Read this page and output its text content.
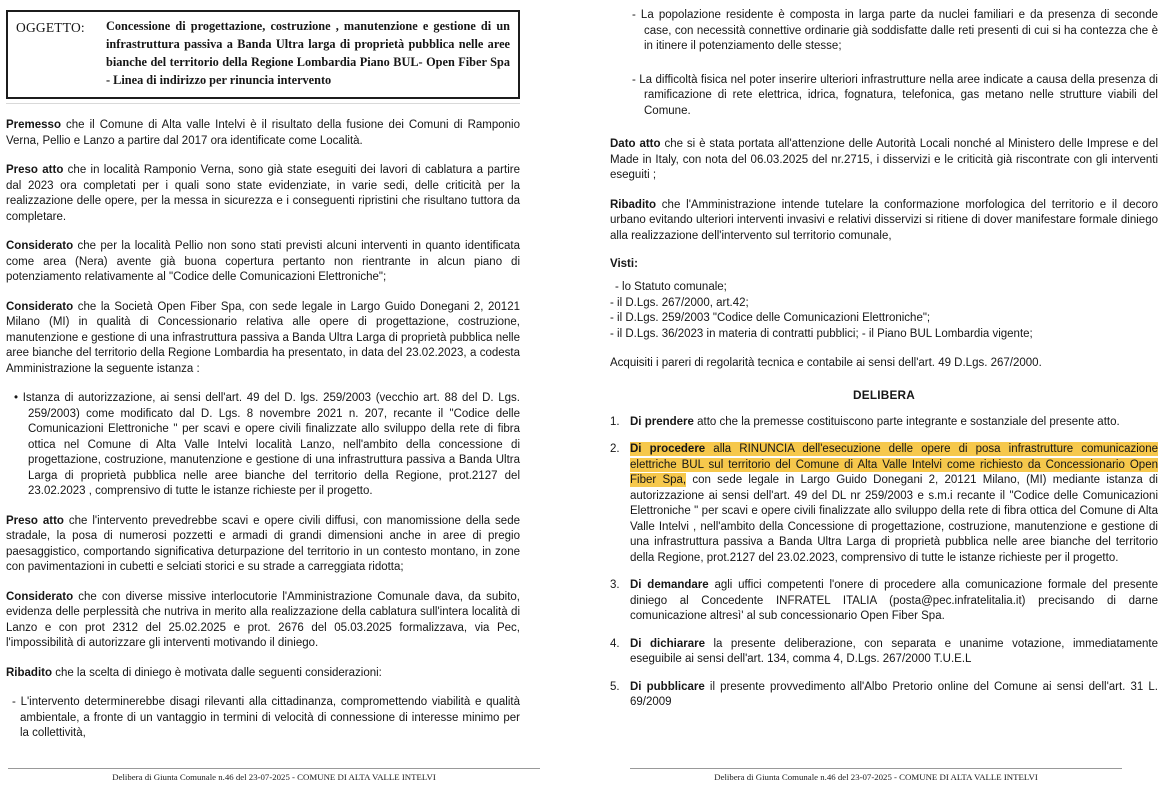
OGGETTO:	Concessione di progettazione, costruzione , manutenzione e gestione di un infrastruttura passiva a Banda Ultra larga di proprietà pubblica nelle aree bianche del territorio della Regione Lombardia Piano BUL- Open Fiber Spa - Linea di indirizzo per rinuncia intervento

Premesso che il Comune di Alta valle Intelvi è il risultato della fusione dei Comuni di Ramponio Verna, Pellio e Lanzo a partire dal 2017 ora identificate come Località.

Preso atto che in località Ramponio Verna, sono già state eseguiti dei lavori di cablatura a partire dal 2023 ora completati per i quali sono state evidenziate, in varie sedi, delle criticità per la realizzazione delle opere, per la messa in sicurezza e i conseguenti ripristini che risultano tuttora da completare.

Considerato che per la località Pellio non sono stati previsti alcuni interventi in quanto identificata come area (Nera) avente già buona copertura pertanto non rientrante in alcun piano di potenziamento relativamente al "Codice delle Comunicazioni Elettroniche";

Considerato che la Società Open Fiber Spa, con sede legale in Largo Guido Donegani 2, 20121 Milano (MI) in qualità di Concessionario relativa alle opere di progettazione, costruzione, manutenzione e gestione di una infrastruttura passiva a Banda Ultra Larga di proprietà pubblica nelle aree bianche del territorio della Regione Lombardia ha presentato, in data del 23.02.2023, a codesta Amministrazione la seguente istanza :

• Istanza di autorizzazione, ai sensi dell'art. 49 del D. lgs. 259/2003 (vecchio art. 88 del D. Lgs. 259/2003) come modificato dal D. Lgs. 8 novembre 2021 n. 207, recante il "Codice delle Comunicazioni Elettroniche " per scavi e opere civili finalizzate allo sviluppo della rete di fibra ottica nel Comune di Alta Valle Intelvi località Lanzo, nell'ambito della concessione di progettazione, costruzione, manutenzione e gestione di una infrastruttura passiva a Banda Ultra Larga di proprietà pubblica nelle aree bianche del territorio della Regione, prot.2127 del 23.02.2023 , comprensivo di tutte le istanze richieste per il progetto.

Preso atto che l'intervento prevedrebbe scavi e opere civili diffusi, con manomissione della sede stradale, la posa di numerosi pozzetti e armadi di grandi dimensioni anche in aree di pregio paesaggistico, comportando significativa deturpazione del territorio in un contesto montano, in zone con pavimentazioni in cubetti e selciati storici e su strade a carreggiata ridotta;

Considerato che con diverse missive interlocutorie l'Amministrazione Comunale dava, da subito, evidenza delle perplessità che nutriva in merito alla realizzazione della cablatura sull'intera località di Lanzo e con prot 2312 del 25.02.2025 e prot. 2676 del 05.03.2025 formalizzava, via Pec, l'impossibilità di autorizzare gli interventi motivando il diniego.

Ribadito che la scelta di diniego è motivata dalle seguenti considerazioni:

- L'intervento determinerebbe disagi rilevanti alla cittadinanza, compromettendo viabilità e qualità ambientale, a fronte di un vantaggio in termini di velocità di connessione di interesse minimo per la collettività,
Delibera di Giunta Comunale n.46 del 23-07-2025 - COMUNE DI ALTA VALLE INTELVI
- La popolazione residente è composta in larga parte da nuclei familiari e da presenza di seconde case, con necessità connettive ordinarie già soddisfatte dalle reti presenti di cui si ha contezza che è in itinere il potenziamento delle stesse;
- La difficoltà fisica nel poter inserire ulteriori infrastrutture nella aree indicate a causa della presenza di ramificazione di rete elettrica, idrica, fognatura, telefonica, gas metano nelle strutture viabili del Comune.

Dato atto che si è stata portata all'attenzione delle Autorità Locali nonché al Ministero delle Imprese e del Made in Italy, con nota del 06.03.2025 del nr.2715, i disservizi e le criticità già riscontrate con gli interventi eseguiti ;

Ribadito che l'Amministrazione intende tutelare la conformazione morfologica del territorio e il decoro urbano evitando ulteriori interventi invasivi e relativi disservizi si ritiene di dover manifestare formale diniego alla realizzazione dell'intervento sul territorio comunale,

Visti:
- lo Statuto comunale;
- il D.Lgs. 267/2000, art.42;
- il D.Lgs. 259/2003 "Codice delle Comunicazioni Elettroniche";
- il D.Lgs. 36/2023 in materia di contratti pubblici; - il Piano BUL Lombardia vigente;
Acquisiti i pareri di regolarità tecnica e contabile ai sensi dell'art. 49 D.Lgs. 267/2000.
DELIBERA
1. Di prendere atto che la premesse costituiscono parte integrante e sostanziale del presente atto.
2. Di procedere alla RINUNCIA dell'esecuzione delle opere di posa infrastrutture comunicazione elettriche BUL sul territorio del Comune di Alta Valle Intelvi come richiesto da Concessionario Open Fiber Spa, con sede legale in Largo Guido Donegani 2, 20121 Milano, (MI) mediante istanza di autorizzazione ai sensi dell'art. 49 del DL nr 259/2003 e s.m.i recante il "Codice delle Comunicazioni Elettroniche " per scavi e opere civili finalizzate allo sviluppo della rete di fibra ottica del Comune di Alta Valle Intelvi , nell'ambito della Concessione di progettazione, costruzione, manutenzione e gestione di una infrastruttura passiva a Banda Ultra Larga di proprietà pubblica nelle aree bianche del territorio della Regione, prot.2127 del 23.02.2023, comprensivo di tutte le istanze richieste per il progetto.
3. Di demandare agli uffici competenti l'onere di procedere alla comunicazione formale del presente diniego al Concedente INFRATEL ITALIA (posta@pec.infratelitalia.it) precisando di darne comunicazione altresì' al sub concessionario Open Fiber Spa.
4. Di dichiarare la presente deliberazione, con separata e unanime votazione, immediatamente eseguibile ai sensi dell'art. 134, comma 4, D.Lgs. 267/2000 T.U.E.L
5. Di pubblicare il presente provvedimento all'Albo Pretorio online del Comune ai sensi dell'art. 31 L. 69/2009
Delibera di Giunta Comunale n.46 del 23-07-2025 - COMUNE DI ALTA VALLE INTELVI
